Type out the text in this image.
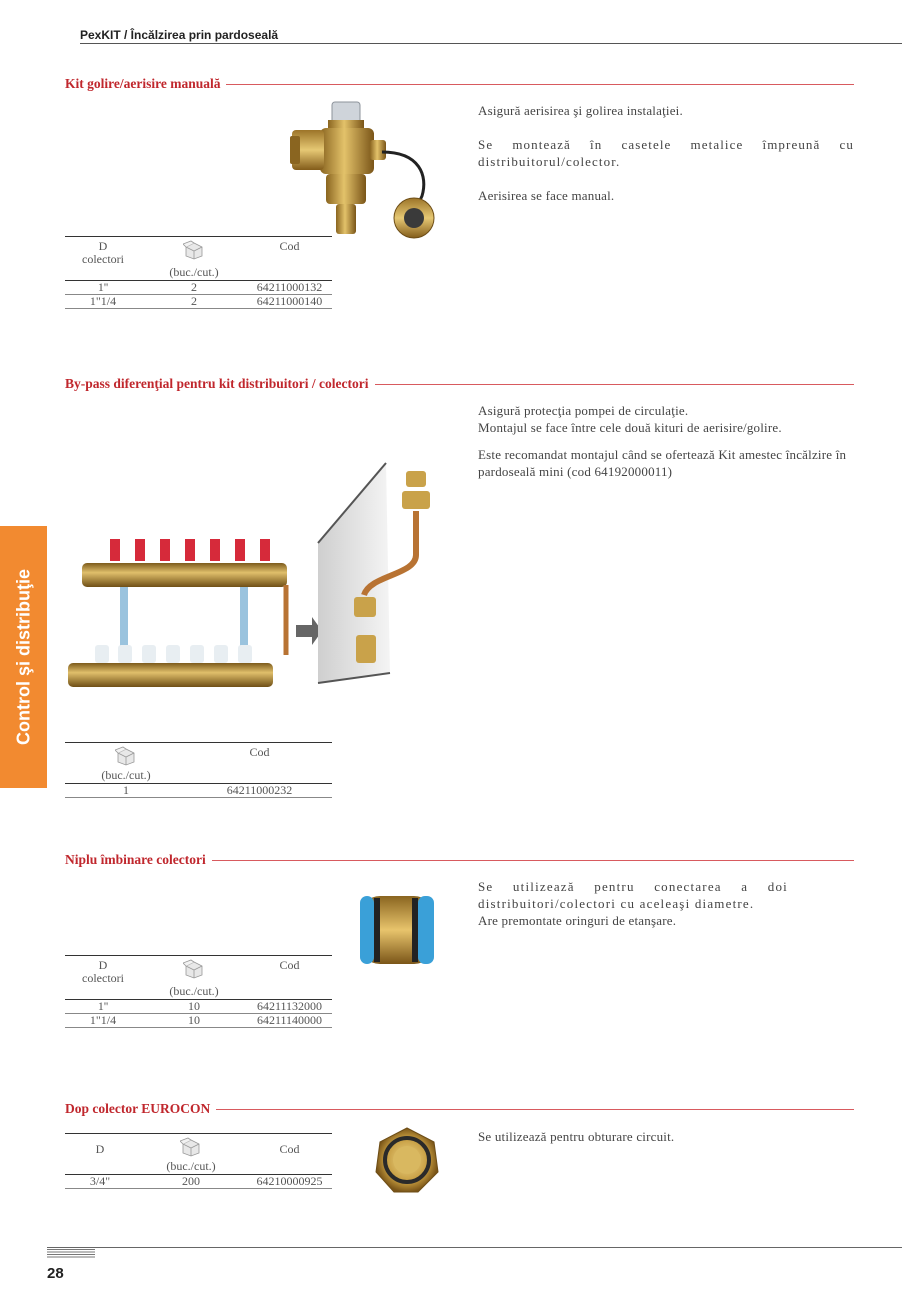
PexKIT / Încălzirea prin pardoseală
Control şi distribuţie
Kit golire/aerisire manuală

Asigură aerisirea şi golirea instalaţiei.

Se montează în casetele metalice împreună cu distribuitorul/colector.

Aerisirea se face manual.

D
colectori		Cod
	(buc./cut.)	
1''	2	64211000132
1"1/4	2	64211000140
By-pass diferenţial pentru kit distribuitori / colectori

Asigură protecţia pompei de circulaţie.

Montajul se face între cele două kituri de aerisire/golire.

Este recomandat montajul când se ofertează Kit amestec încălzire în pardoseală mini (cod 64192000011)

	Cod
(buc./cut.)	
1	64211000232
Niplu îmbinare colectori

Se utilizează pentru conectarea a doi distribuitori/colectori cu aceleaşi diametre.

Are premontate oringuri de etanşare.

D
colectori		Cod
	(buc./cut.)	
1''	10	64211132000
1"1/4	10	64211140000
Dop colector EUROCON

Se utilizează pentru obturare circuit.

D		Cod
	(buc./cut.)	
3/4"	200	64210000925
28
